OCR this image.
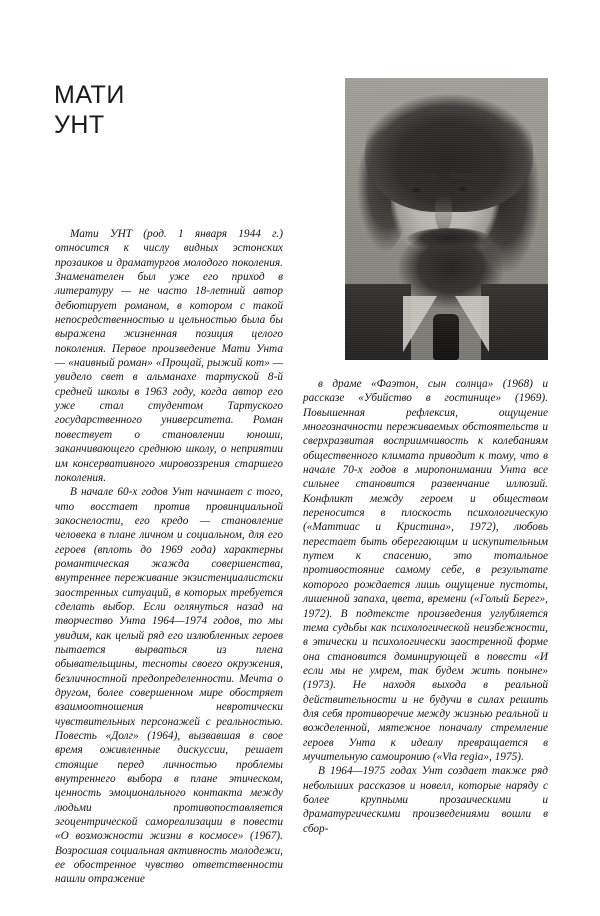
МАТИ
УНТ

Мати УНТ (род. 1 января 1944 г.) относится к числу видных эстонских прозаиков и драматургов молодого поколения. Знаменателен был уже его приход в литературу — не часто 18-летний автор дебютирует романом, в котором с такой непосредственностью и цельностью была бы выражена жизненная позиция целого поколения. Первое произведение Мати Унта — «наивный роман» «Прощай, рыжий кот» — увидело свет в альманахе тартуской 8-й средней школы в 1963 году, когда автор его уже стал студентом Тартуского государственного университета. Роман повествует о становлении юноши, заканчивающего среднюю школу, о неприятии им консервативного мировоззрения старшего поколения.

В начале 60-х годов Унт начинает с того, что восстает против провинциальной закоснелости, его кредо — становление человека в плане личном и социальном, для его героев (вплоть до 1969 года) характерны романтическая жажда совершенства, внутреннее переживание экзистенциалистски заостренных ситуаций, в которых требуется сделать выбор. Если оглянуться назад на творчество Унта 1964—1974 годов, то мы увидим, как целый ряд его излюбленных героев пытается вырваться из плена обывательщины, тесноты своего окружения, безличностной предопределенности. Мечта о другом, более совершенном мире обостряет взаимоотношения невротически чувствительных персонажей с реальностью. Повесть «Долг» (1964), вызвавшая в свое время оживленные дискуссии, решает стоящие перед личностью проблемы внутреннего выбора в плане этическом, ценность эмоционального контакта между людьми противопоставляется эгоцентрической самореализации в повести «О возможности жизни в космосе» (1967). Возросшая социальная активность молодежи, ее обостренное чувство ответственности нашли отражение

в драме «Фаэтон, сын солнца» (1968) и рассказе «Убийство в гостинице» (1969). Повышенная рефлексия, ощущение многозначности переживаемых обстоятельств и сверхразвитая восприимчивость к колебаниям общественного климата приводит к тому, что в начале 70-х годов в миропонимании Унта все сильнее становится развенчание иллюзий. Конфликт между героем и обществом переносится в плоскость психологическую («Маттиас и Кристина», 1972), любовь перестает быть оберегающим и искупительным путем к спасению, это тотальное противостояние самому себе, в результате которого рождается лишь ощущение пустоты, лишенной запаха, цвета, времени («Голый Берег», 1972). В подтексте произведения углубляется тема судьбы как психологической неизбежности, в этически и психологически заостренной форме она становится доминирующей в повести «И если мы не умрем, так будем жить поныне» (1973). Не находя выхода в реальной действительности и не будучи в силах решить для себя противоречие между жизнью реальной и вожделенной, мятежное поначалу стремление героев Унта к идеалу превращается в мучительную самоиронию («Via regia», 1975).

В 1964—1975 годах Унт создает также ряд небольших рассказов и новелл, которые наряду с более крупными прозаическими и драматургическими произведениями вошли в сбор-
